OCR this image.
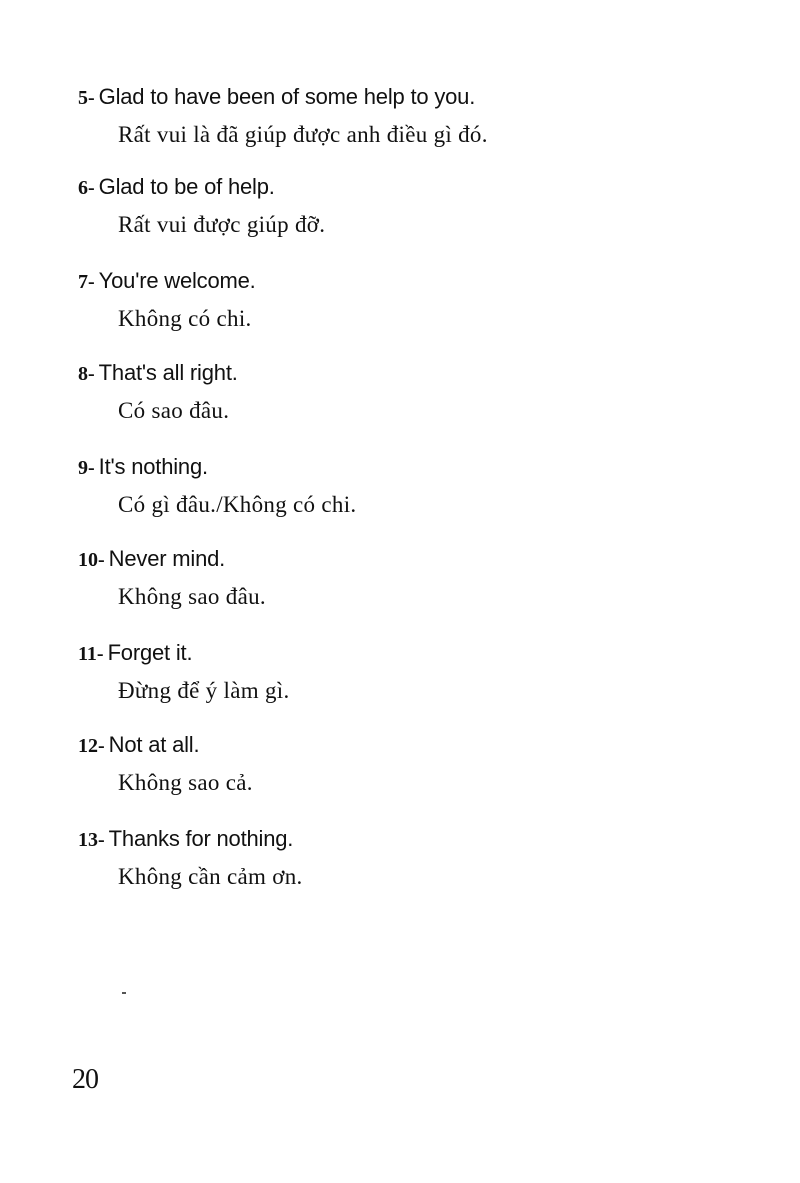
5- Glad to have been of some help to you.
Rất vui là đã giúp được anh điều gì đó.
6- Glad to be of help.
Rất vui được giúp đỡ.
7- You're welcome.
Không có chi.
8- That's all right.
Có sao đâu.
9- It's nothing.
Có gì đâu./Không có chi.
10- Never mind.
Không sao đâu.
11- Forget it.
Đừng để ý làm gì.
12- Not at all.
Không sao cả.
13- Thanks for nothing.
Không cần cảm ơn.
20
